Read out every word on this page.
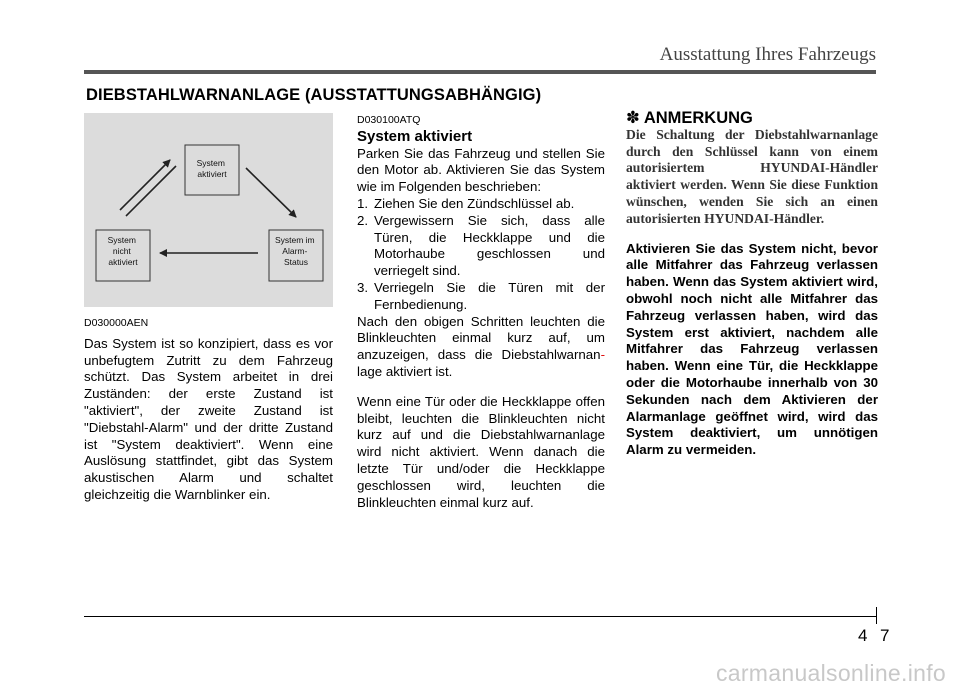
Ausstattung Ihres Fahrzeugs
DIEBSTAHLWARNANLAGE (AUSSTATTUNGSABHÄNGIG)
System aktiviert
System nicht aktiviert
System im Alarm- Status

D030000AEN

Das System ist so konzipiert, dass es vor unbefugtem Zutritt zu dem Fahrzeug schützt. Das System arbeitet in drei Zuständen: der erste Zustand ist "aktiviert", der zweite Zustand ist "Diebstahl-Alarm" und der dritte Zustand ist "System deaktiviert". Wenn eine Auslösung stattfindet, gibt das System akustischen Alarm und schaltet gleichzeitig die Warnblinker ein.

D030100ATQ

System aktiviert

Parken Sie das Fahrzeug und stellen Sie den Motor ab. Aktivieren Sie das System wie im Folgenden beschrieben:

1. Ziehen Sie den Zündschlüssel ab.
2. Vergewissern Sie sich, dass alle Türen, die Heckklappe und die Motorhaube geschlossen und verriegelt sind.
3. Verriegeln Sie die Türen mit der Fernbedienung.

Nach den obigen Schritten leuchten die Blinkleuchten einmal kurz auf, um anzuzeigen, dass die Diebstahlwarnan-lage aktiviert ist.

Wenn eine Tür oder die Heckklappe offen bleibt, leuchten die Blinkleuchten nicht kurz auf und die Diebstahlwarnanlage wird nicht aktiviert. Wenn danach die letzte Tür und/oder die Heckklappe geschlossen wird, leuchten die Blinkleuchten einmal kurz auf.

✽ ANMERKUNG

Die Schaltung der Diebstahlwarnanlage durch den Schlüssel kann von einem autorisiertem HYUNDAI-Händler aktiviert werden. Wenn Sie diese Funktion wünschen, wenden Sie sich an einen autorisierten HYUNDAI-Händler.

Aktivieren Sie das System nicht, bevor alle Mitfahrer das Fahrzeug verlassen haben. Wenn das System aktiviert wird, obwohl noch nicht alle Mitfahrer das Fahrzeug verlassen haben, wird das System erst aktiviert, nachdem alle Mitfahrer das Fahrzeug verlassen haben. Wenn eine Tür, die Heckklappe oder die Motorhaube innerhalb von 30 Sekunden nach dem Aktivieren der Alarmanlage geöffnet wird, wird das System deaktiviert, um unnötigen Alarm zu vermeiden.

4 7
carmanualsonline.info
